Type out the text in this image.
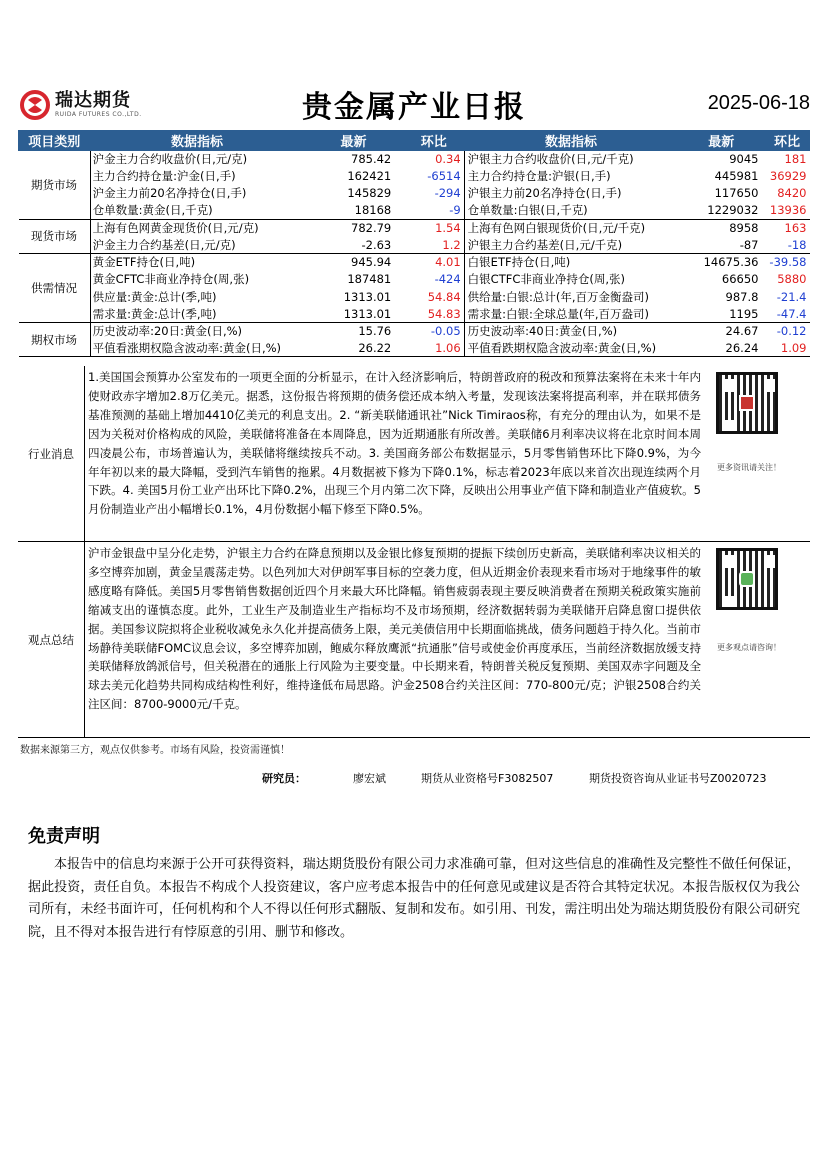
瑞达期货
RUIDA FUTURES CO.,LTD.	贵金属产业日报	2025-06-18
项目类别	数据指标	最新	环比	数据指标	最新	环比
期货市场	沪金主力合约收盘价(日,元/克)	785.42	0.34	沪银主力合约收盘价(日,元/千克)	9045	181
	主力合约持仓量:沪金(日,手)	162421	-6514	主力合约持仓量:沪银(日,手)	445981	36929
	沪金主力前20名净持仓(日,手)	145829	-294	沪银主力前20名净持仓(日,手)	117650	8420
	仓单数量:黄金(日,千克)	18168	-9	仓单数量:白银(日,千克)	1229032	13936
现货市场	上海有色网黄金现货价(日,元/克)	782.79	1.54	上海有色网白银现货价(日,元/千克)	8958	163
	沪金主力合约基差(日,元/克)	-2.63	1.2	沪银主力合约基差(日,元/千克)	-87	-18
供需情况	黄金ETF持仓(日,吨)	945.94	4.01	白银ETF持仓(日,吨)	14675.36	-39.58
	黄金CFTC非商业净持仓(周,张)	187481	-424	白银CTFC非商业净持仓(周,张)	66650	5880
	供应量:黄金:总计(季,吨)	1313.01	54.84	供给量:白银:总计(年,百万金衡盎司)	987.8	-21.4
	需求量:黄金:总计(季,吨)	1313.01	54.83	需求量:白银:全球总量(年,百万盎司)	1195	-47.4
期权市场	历史波动率:20日:黄金(日,%)	15.76	-0.05	历史波动率:40日:黄金(日,%)	24.67	-0.12
	平值看涨期权隐含波动率:黄金(日,%)	26.22	1.06	平值看跌期权隐含波动率:黄金(日,%)	26.24	1.09
行业消息
1.美国国会预算办公室发布的一项更全面的分析显示，在计入经济影响后，特朗普政府的税改和预算法案将在未来十年内使财政赤字增加2.8万亿美元。据悉，这份报告将预期的债务偿还成本纳入考量，发现该法案将提高利率，并在联邦债务基准预测的基础上增加4410亿美元的利息支出。2. “新美联储通讯社”Nick Timiraos称，有充分的理由认为，如果不是因为关税对价格构成的风险，美联储将准备在本周降息，因为近期通胀有所改善。美联储6月利率决议将在北京时间本周四凌晨公布，市场普遍认为，美联储将继续按兵不动。3. 美国商务部公布数据显示，5月零售销售环比下降0.9%，为今年年初以来的最大降幅，受到汽车销售的拖累。4月数据被下修为下降0.1%，标志着2023年底以来首次出现连续两个月下跌。4. 美国5月份工业产出环比下降0.2%，出现三个月内第二次下降，反映出公用事业产值下降和制造业产值疲软。5月份制造业产出小幅增长0.1%，4月份数据小幅下修至下降0.5%。
更多资讯请关注！
观点总结
沪市金银盘中呈分化走势，沪银主力合约在降息预期以及金银比修复预期的提振下续创历史新高，美联储利率决议相关的多空博弈加剧，黄金呈震荡走势。以色列加大对伊朗军事目标的空袭力度，但从近期金价表现来看市场对于地缘事件的敏感度略有降低。美国5月零售销售数据创近四个月来最大环比降幅。销售疲弱表现主要反映消费者在预期关税政策实施前缩减支出的谨慎态度。此外，工业生产及制造业生产指标均不及市场预期，经济数据转弱为美联储开启降息窗口提供依据。美国参议院拟将企业税收减免永久化并提高债务上限，美元美债信用中长期面临挑战，债务问题趋于持久化。当前市场静待美联储FOMC议息会议，多空博弈加剧，鲍威尔释放鹰派“抗通胀”信号或使金价再度承压，当前经济数据放缓支持美联储释放鸽派信号，但关税潜在的通胀上行风险为主要变量。中长期来看，特朗普关税反复预期、美国双赤字问题及全球去美元化趋势共同构成结构性利好，维持逢低布局思路。沪金2508合约关注区间：770-800元/克；沪银2508合约关注区间：8700-9000元/千克。
更多观点请咨询！
数据来源第三方，观点仅供参考。市场有风险，投资需谨慎！
研究员：	廖宏斌	期货从业资格号F3082507	期货投资咨询从业证书号Z0020723
免责声明
本报告中的信息均来源于公开可获得资料，瑞达期货股份有限公司力求准确可靠，但对这些信息的准确性及完整性不做任何保证，据此投资，责任自负。本报告不构成个人投资建议，客户应考虑本报告中的任何意见或建议是否符合其特定状况。本报告版权仅为我公司所有，未经书面许可，任何机构和个人不得以任何形式翻版、复制和发布。如引用、刊发，需注明出处为瑞达期货股份有限公司研究院，且不得对本报告进行有悖原意的引用、删节和修改。
